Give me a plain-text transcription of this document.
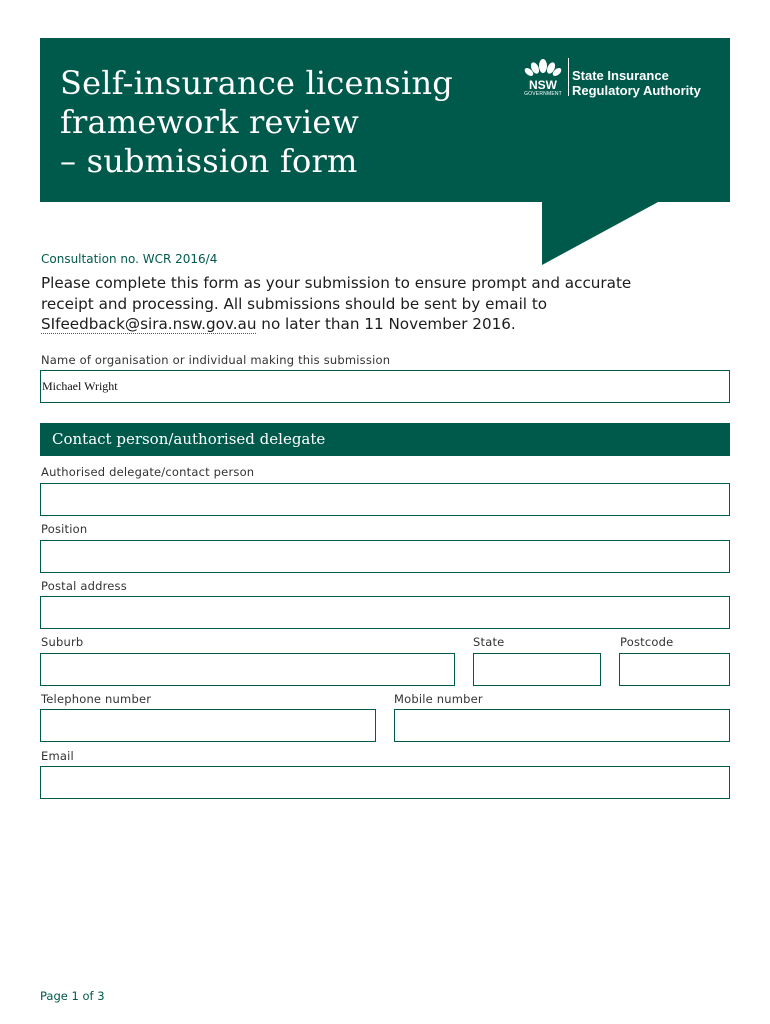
Self-insurance licensing
framework review
– submission form
NSW
GOVERNMENT
State Insurance
Regulatory Authority
Consultation no. WCR 2016/4
Please complete this form as your submission to ensure prompt and accurate
receipt and processing. All submissions should be sent by email to
SIfeedback@sira.nsw.gov.au no later than 11 November 2016.
Name of organisation or individual making this submission
Michael Wright
Contact person/authorised delegate
Authorised delegate/contact person
Position
Postal address
Suburb	State	Postcode
Telephone number	Mobile number
Email
Page 1 of 3
